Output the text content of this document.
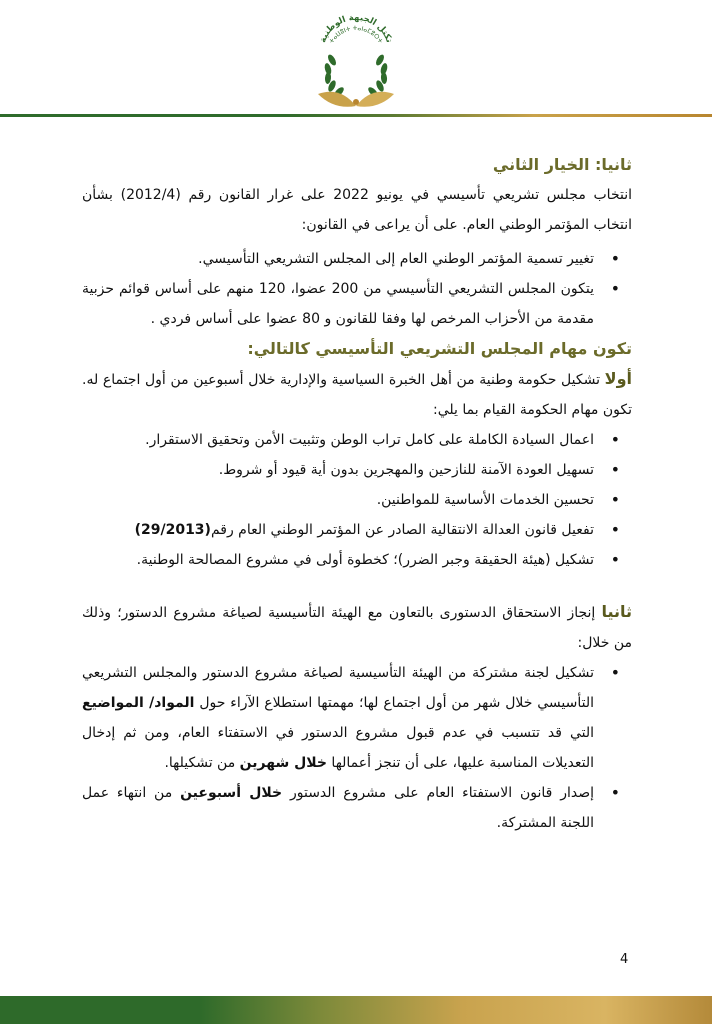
تكتل الجبهة الوطنية
ⵜⴰⵡⵓⵏⵜ ⵜⴰⵏⴰⵎⵓⵔⵜ
ثانيا: الخيار الثاني

انتخاب مجلس تشريعي تأسيسي في يونيو 2022 على غرار القانون رقم (2012/4) بشأن انتخاب المؤتمر الوطني العام. على أن يراعى في القانون:

• تغيير تسمية المؤتمر الوطني العام إلى المجلس التشريعي التأسيسي.
• يتكون المجلس التشريعي التأسيسي من 200 عضوا، 120 منهم على أساس قوائم حزبية مقدمة من الأحزاب المرخص لها وفقا للقانون و 80 عضوا على أساس فردي .
تكون مهام المجلس التشريعي التأسيسي كالتالي:

أولا تشكيل حكومة وطنية من أهل الخبرة السياسية والإدارية خلال أسبوعين من أول اجتماع له. تكون مهام الحكومة القيام بما يلي:

• اعمال السيادة الكاملة على كامل تراب الوطن وتثبيت الأمن وتحقيق الاستقرار.
• تسهيل العودة الآمنة للنازحين والمهجرين بدون أية قيود أو شروط.
• تحسين الخدمات الأساسية للمواطنين.
• تفعيل قانون العدالة الانتقالية الصادر عن المؤتمر الوطني العام رقم(29/2013)
• تشكيل (هيئة الحقيقة وجبر الضرر)؛ كخطوة أولى في مشروع المصالحة الوطنية.

ثانيا إنجاز الاستحقاق الدستورى بالتعاون مع الهيئة التأسيسية لصياغة مشروع الدستور؛ وذلك من خلال:

• تشكيل لجنة مشتركة من الهيئة التأسيسية لصياغة مشروع الدستور والمجلس التشريعي التأسيسي خلال شهر من أول اجتماع لها؛ مهمتها استطلاع الآراء حول المواد/ المواضيع التي قد تتسبب في عدم قبول مشروع الدستور في الاستفتاء العام، ومن ثم إدخال التعديلات المناسبة عليها، على أن تنجز أعمالها خلال شهرين من تشكيلها.
• إصدار قانون الاستفتاء العام على مشروع الدستور خلال أسبوعين من انتهاء عمل اللجنة المشتركة.
4
